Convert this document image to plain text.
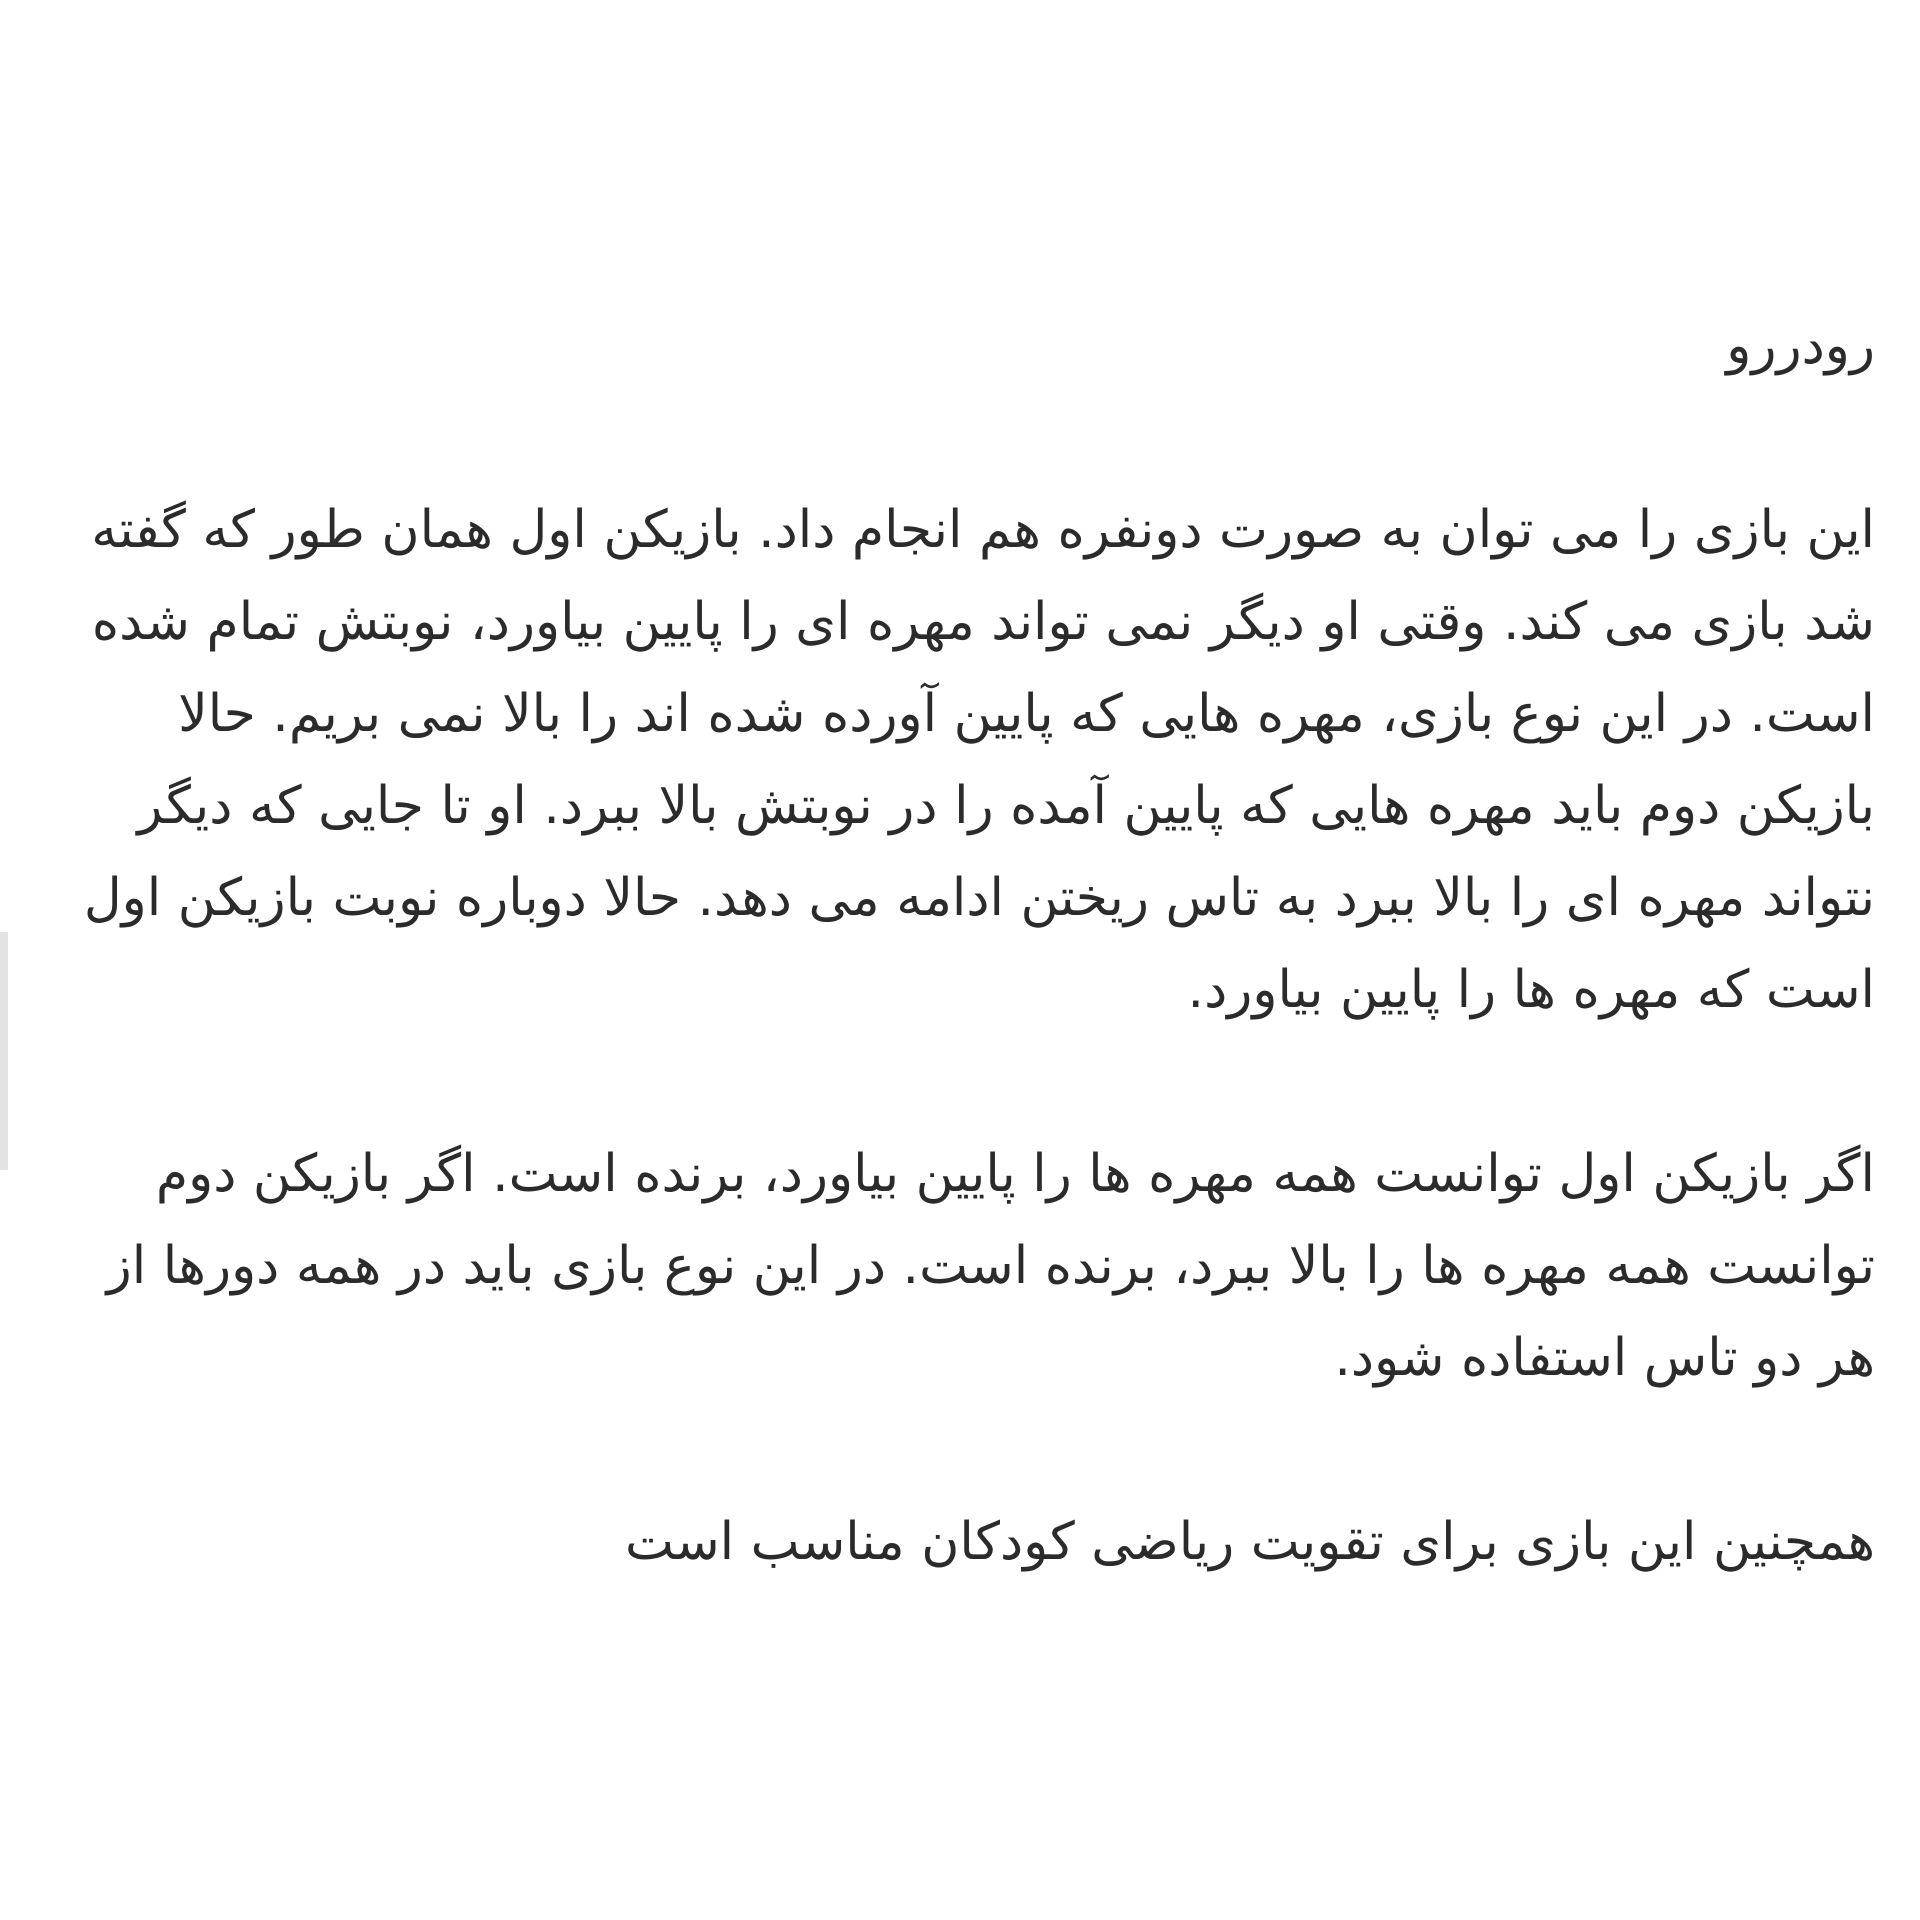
رودررو

این بازی را می توان به صورت دونفره هم انجام داد. بازیکن اول همان طور که گفته شد بازی می کند. وقتی او دیگر نمی تواند مهره ای را پایین بیاورد، نوبتش تمام شده است. در این نوع بازی، مهره هایی که پایین آورده شده اند را بالا نمی بریم. حالا بازیکن دوم باید مهره هایی که پایین آمده را در نوبتش بالا ببرد. او تا جایی که دیگر نتواند مهره ای را بالا ببرد به تاس ریختن ادامه می دهد. حالا دوباره نوبت بازیکن اول است که مهره ها را پایین بیاورد.

اگر بازیکن اول توانست همه مهره ها را پایین بیاورد، برنده است. اگر بازیکن دوم توانست همه مهره ها را بالا ببرد، برنده است. در این نوع بازی باید در همه دورها از هر دو تاس استفاده شود.

همچنین این بازی برای تقویت ریاضی کودکان مناسب است
